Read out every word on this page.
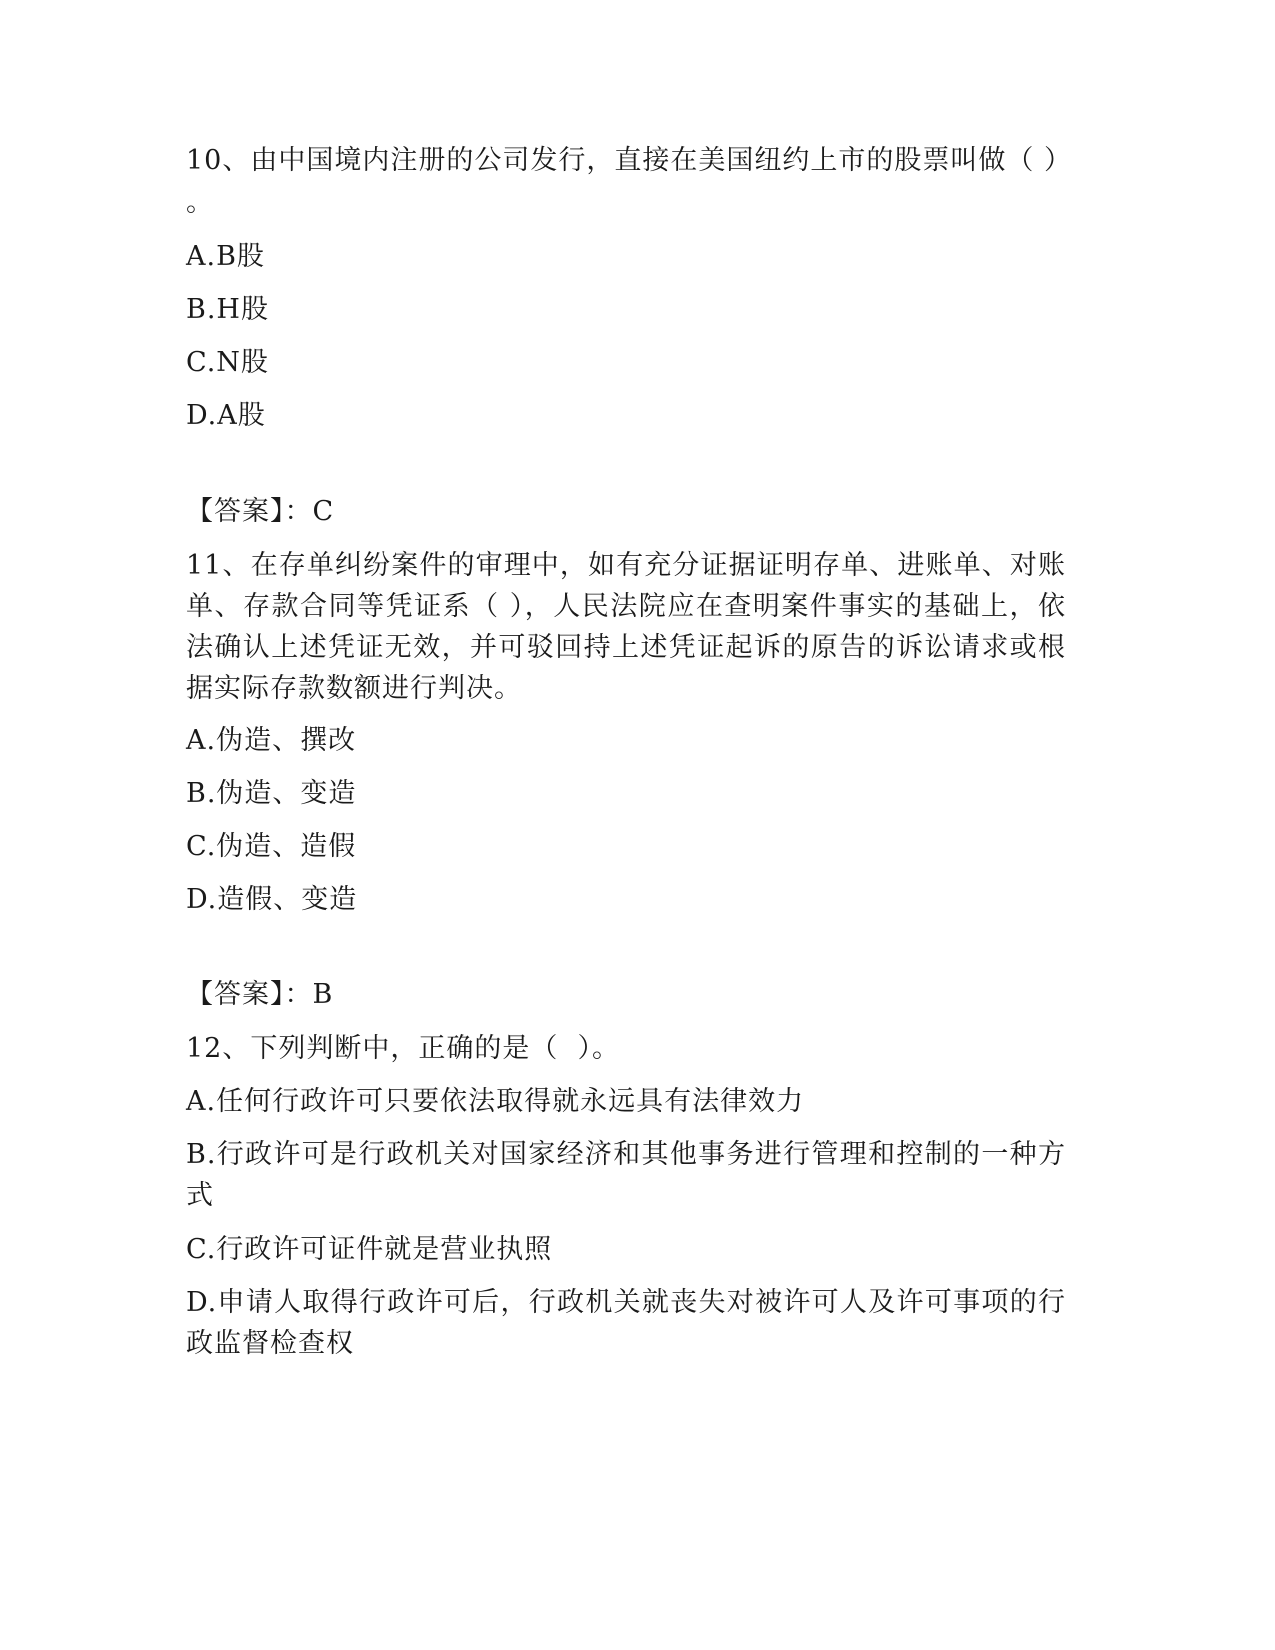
10、由中国境内注册的公司发行，直接在美国纽约上市的股票叫做（ ）

。

A.B股

B.H股

C.N股

D.A股

【答案】：C

11、在存单纠纷案件的审理中，如有充分证据证明存单、进账单、对账单、存款合同等凭证系（ ），人民法院应在查明案件事实的基础上，依法确认上述凭证无效，并可驳回持上述凭证起诉的原告的诉讼请求或根据实际存款数额进行判决。

A.伪造、撰改

B.伪造、变造

C.伪造、造假

D.造假、变造

【答案】：B

12、下列判断中，正确的是（  ）。

A.任何行政许可只要依法取得就永远具有法律效力

B.行政许可是行政机关对国家经济和其他事务进行管理和控制的一种方式

C.行政许可证件就是营业执照

D.申请人取得行政许可后，行政机关就丧失对被许可人及许可事项的行政监督检查权
